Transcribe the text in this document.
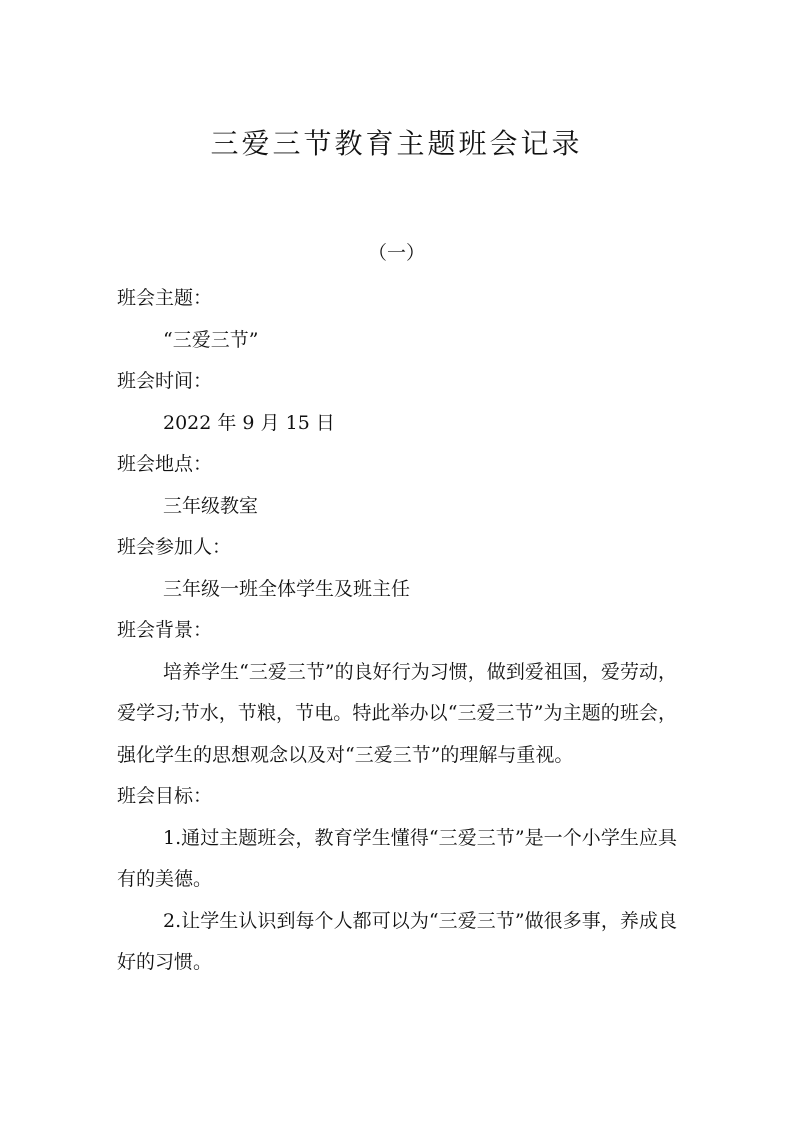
三爱三节教育主题班会记录
（一）

班会主题：

“三爱三节”

班会时间：

2022 年 9 月 15 日

班会地点：

三年级教室

班会参加人：

三年级一班全体学生及班主任

班会背景：

培养学生“三爱三节”的良好行为习惯，做到爱祖国，爱劳动，爱学习;节水，节粮，节电。特此举办以“三爱三节”为主题的班会，强化学生的思想观念以及对“三爱三节”的理解与重视。

班会目标：

1.通过主题班会，教育学生懂得“三爱三节”是一个小学生应具有的美德。

2.让学生认识到每个人都可以为“三爱三节”做很多事，养成良好的习惯。
